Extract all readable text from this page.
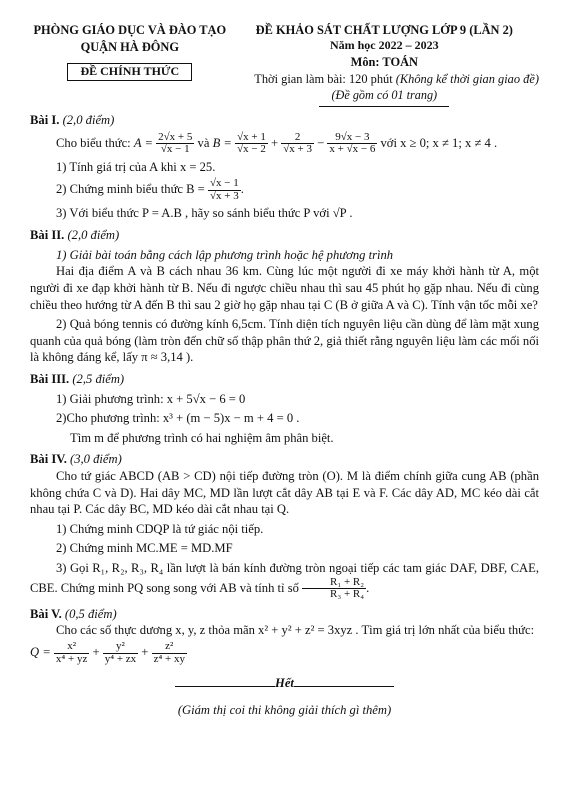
PHÒNG GIÁO DỤC VÀ ĐÀO TẠO
QUẬN HÀ ĐÔNG
ĐỀ CHÍNH THỨC
ĐỀ KHẢO SÁT CHẤT LƯỢNG LỚP 9 (LẦN 2)
Năm học 2022 – 2023
Môn: TOÁN
Thời gian làm bài: 120 phút (Không kể thời gian giao đề)
(Đề gồm có 01 trang)
Bài I. (2,0 điểm)
Cho biểu thức: $A = \frac{2√x + 5}{√x - 1}$ và $B = \frac{√x + 1}{√x - 2} + \frac{2}{√x + 3} - \frac{9√x - 3}{x + √x - 6}$ với x ≥ 0; x ≠ 1; x ≠ 4 .

1) Tính giá trị của A khi x = 25.

2) Chứng minh biểu thức $B = \frac{√x - 1}{√x + 3}$ .

3) Với biểu thức P = A.B , hãy so sánh biểu thức P với √P .

Bài II. (2,0 điểm)

1) Giải bài toán bằng cách lập phương trình hoặc hệ phương trình

Hai địa điểm A và B cách nhau 36 km. Cùng lúc một người đi xe máy khởi hành từ A, một người đi xe đạp khởi hành từ B. Nếu đi ngược chiều nhau thì sau 45 phút họ gặp nhau. Nếu đi cùng chiều theo hướng từ A đến B thì sau 2 giờ họ gặp nhau tại C (B ở giữa A và C). Tính vận tốc mỗi xe?

2) Quả bóng tennis có đường kính 6,5cm. Tính diện tích nguyên liệu cần dùng để làm mặt xung quanh của quả bóng (làm tròn đến chữ số thập phân thứ 2, giả thiết rằng nguyên liệu làm các mối nối là không đáng kể, lấy π ≈ 3,14 ).

Bài III. (2,5 điểm)

1) Giải phương trình: x + 5√x − 6 = 0

2)Cho phương trình: x³ + (m − 5)x − m + 4 = 0 .

Tìm m để phương trình có hai nghiệm âm phân biệt.

Bài IV. (3,0 điểm)

Cho tứ giác ABCD (AB > CD) nội tiếp đường tròn (O). M là điểm chính giữa cung AB (phần không chứa C và D). Hai dây MC, MD lần lượt cắt dây AB tại E và F. Các dây AD, MC kéo dài cắt nhau tại P. Các dây BC, MD kéo dài cắt nhau tại Q.

1) Chứng minh CDQP là tứ giác nội tiếp.

2) Chứng minh MC.ME = MD.MF

3) Gọi R₁, R₂, R₃, R₄ lần lượt là bán kính đường tròn ngoại tiếp các tam giác DAF, DBF, CAE, CBE. Chứng minh PQ song song với AB và tính tỉ số $\frac{\text{R₁ + R₂}}{\text{R₃ + R₄}}$ .

Bài V. (0,5 điểm)

Cho các số thực dương x, y, z thỏa mãn x² + y² + z² = 3xyz . Tìm giá trị lớn nhất của biểu thức:

$Q = \frac{\text{x²}}{\text{x⁴ + yz}} + \frac{\text{y²}}{\text{y⁴ + zx}} + \frac{\text{z²}}{\text{z⁴ + xy}}$
Hết
(Giám thị coi thi không giải thích gì thêm)
